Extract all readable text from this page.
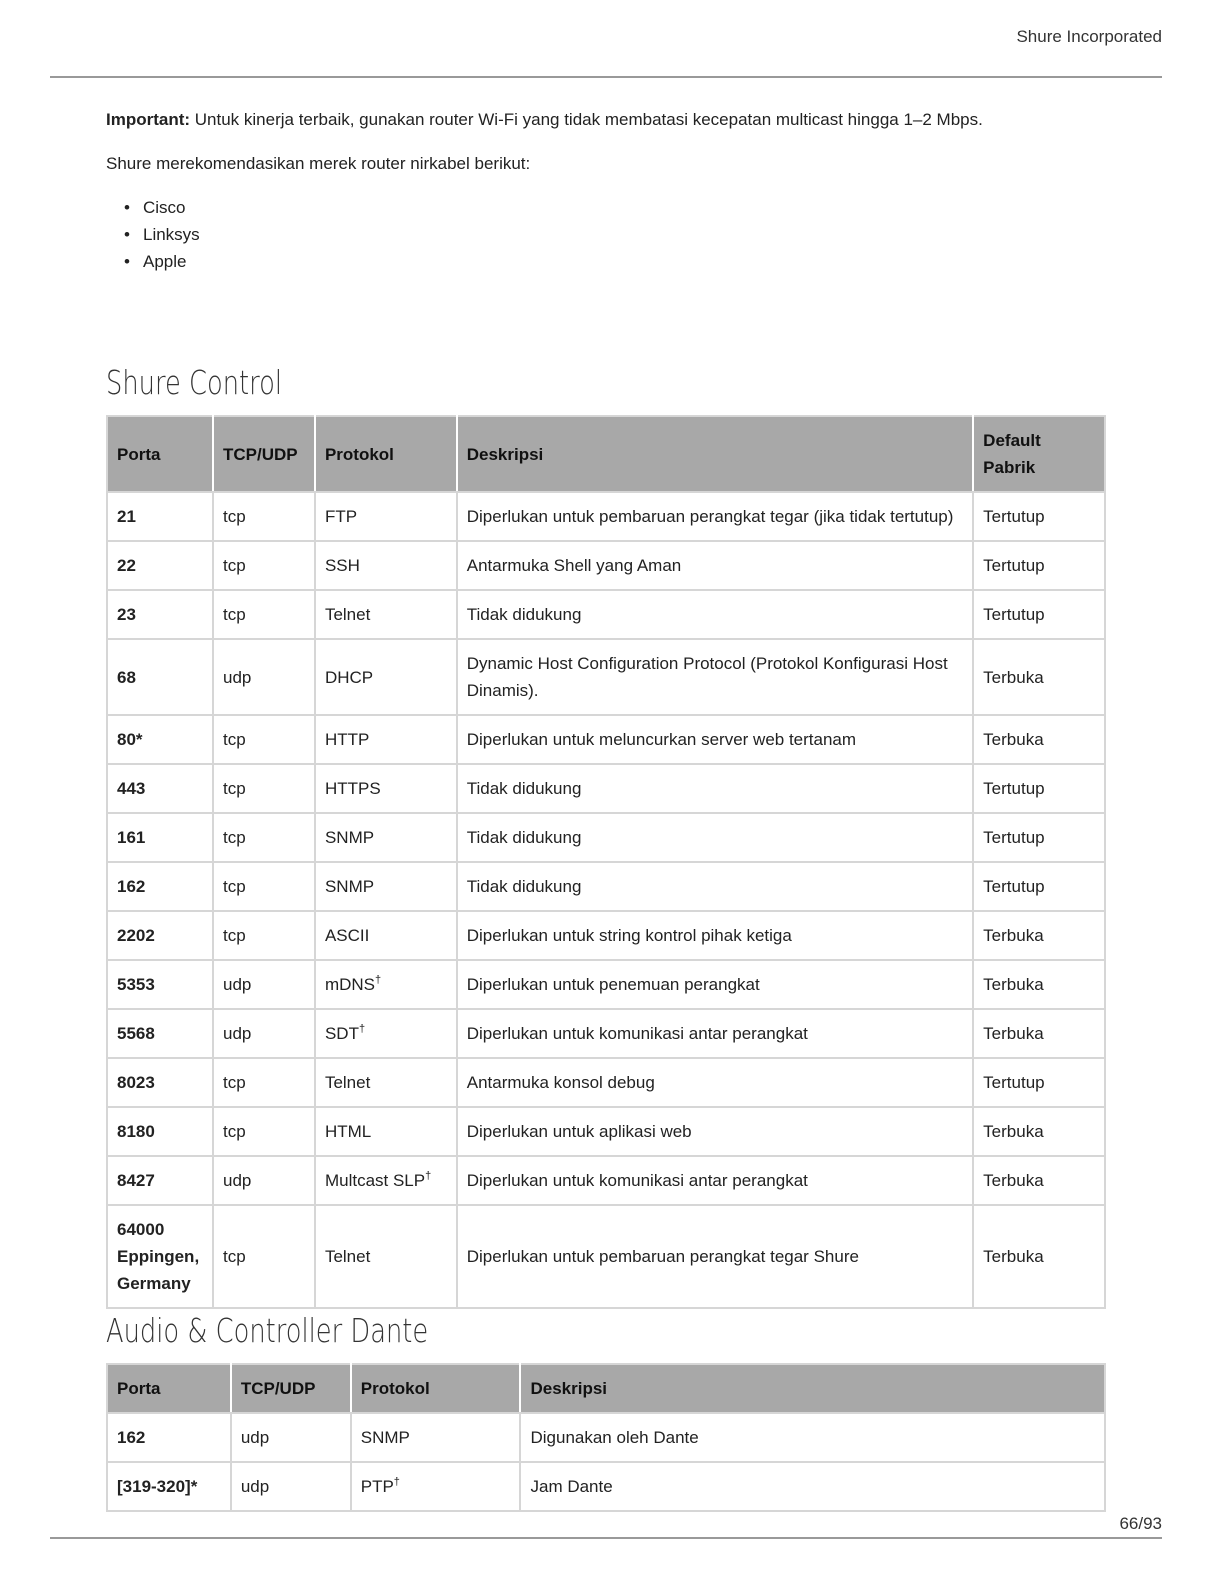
Shure Incorporated

Important: Untuk kinerja terbaik, gunakan router Wi-Fi yang tidak membatasi kecepatan multicast hingga 1–2 Mbps.

Shure merekomendasikan merek router nirkabel berikut:

• Cisco
• Linksys
• Apple
Shure Control
Porta	TCP/UDP	Protokol	Deskripsi	Default Pabrik
21	tcp	FTP	Diperlukan untuk pembaruan perangkat tegar (jika tidak tertutup)	Tertutup
22	tcp	SSH	Antarmuka Shell yang Aman	Tertutup
23	tcp	Telnet	Tidak didukung	Tertutup
68	udp	DHCP	Dynamic Host Configuration Protocol (Protokol Konfigurasi Host Dinamis).	Terbuka
80*	tcp	HTTP	Diperlukan untuk meluncurkan server web tertanam	Terbuka
443	tcp	HTTPS	Tidak didukung	Tertutup
161	tcp	SNMP	Tidak didukung	Tertutup
162	tcp	SNMP	Tidak didukung	Tertutup
2202	tcp	ASCII	Diperlukan untuk string kontrol pihak ketiga	Terbuka
5353	udp	mDNS†	Diperlukan untuk penemuan perangkat	Terbuka
5568	udp	SDT†	Diperlukan untuk komunikasi antar perangkat	Terbuka
8023	tcp	Telnet	Antarmuka konsol debug	Tertutup
8180	tcp	HTML	Diperlukan untuk aplikasi web	Terbuka
8427	udp	Multcast SLP†	Diperlukan untuk komunikasi antar perangkat	Terbuka
64000 Eppingen, Germany	tcp	Telnet	Diperlukan untuk pembaruan perangkat tegar Shure	Terbuka
Audio & Controller Dante
Porta	TCP/UDP	Protokol	Deskripsi
162	udp	SNMP	Digunakan oleh Dante
[319-320]*	udp	PTP†	Jam Dante
66/93
